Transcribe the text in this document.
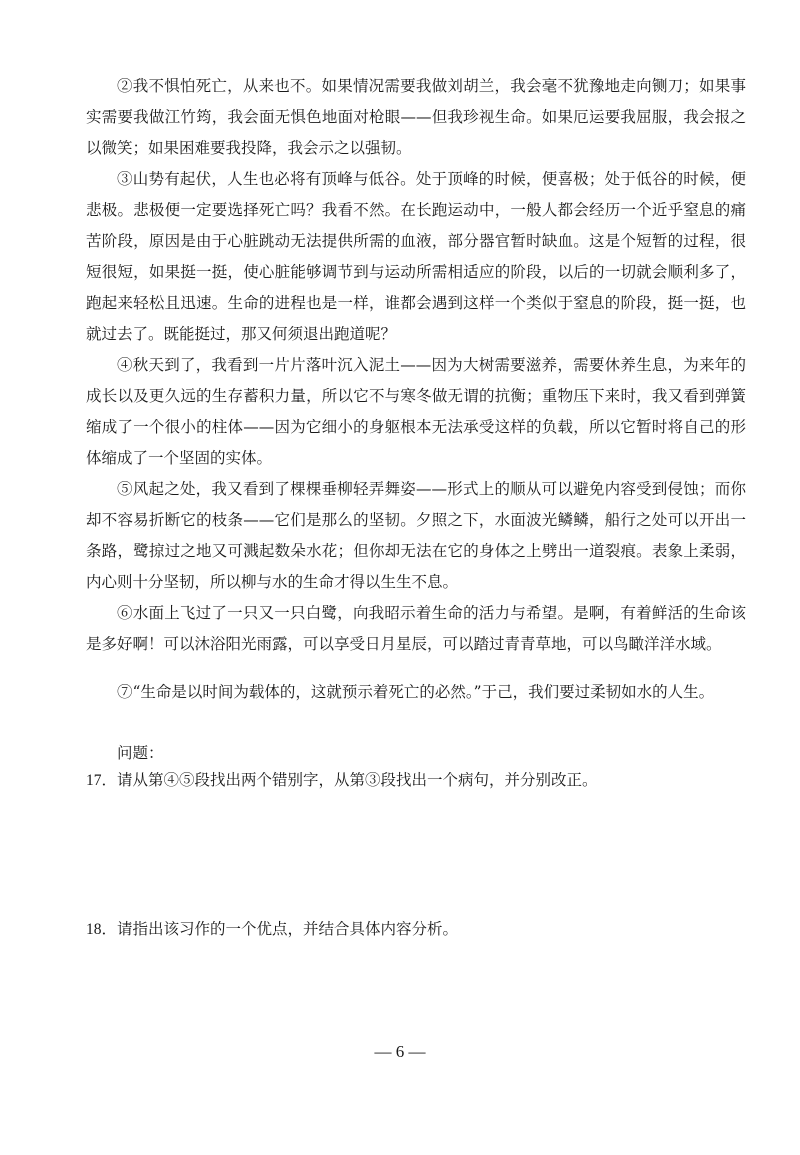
②我不惧怕死亡，从来也不。如果情况需要我做刘胡兰，我会毫不犹豫地走向铡刀；如果事实需要我做江竹筠，我会面无惧色地面对枪眼——但我珍视生命。如果厄运要我屈服，我会报之以微笑；如果困难要我投降，我会示之以强韧。

③山势有起伏，人生也必将有顶峰与低谷。处于顶峰的时候，便喜极；处于低谷的时候，便悲极。悲极便一定要选择死亡吗？我看不然。在长跑运动中，一般人都会经历一个近乎窒息的痛苦阶段，原因是由于心脏跳动无法提供所需的血液，部分器官暂时缺血。这是个短暂的过程，很短很短，如果挺一挺，使心脏能够调节到与运动所需相适应的阶段，以后的一切就会顺利多了，跑起来轻松且迅速。生命的进程也是一样，谁都会遇到这样一个类似于窒息的阶段，挺一挺，也就过去了。既能挺过，那又何须退出跑道呢？

④秋天到了，我看到一片片落叶沉入泥土——因为大树需要滋养，需要休养生息，为来年的成长以及更久远的生存蓄积力量，所以它不与寒冬做无谓的抗衡；重物压下来时，我又看到弹簧缩成了一个很小的柱体——因为它细小的身躯根本无法承受这样的负载，所以它暂时将自己的形体缩成了一个坚固的实体。

⑤风起之处，我又看到了棵棵垂柳轻弄舞姿——形式上的顺从可以避免内容受到侵蚀；而你却不容易折断它的枝条——它们是那么的坚韧。夕照之下，水面波光鳞鳞，船行之处可以开出一条路，鹭掠过之地又可溅起数朵水花；但你却无法在它的身体之上劈出一道裂痕。表象上柔弱，内心则十分坚韧，所以柳与水的生命才得以生生不息。

⑥水面上飞过了一只又一只白鹭，向我昭示着生命的活力与希望。是啊，有着鲜活的生命该是多好啊！可以沐浴阳光雨露，可以享受日月星辰，可以踏过青青草地，可以鸟瞰洋洋水域。

⑦“生命是以时间为载体的，这就预示着死亡的必然。”于己，我们要过柔韧如水的人生。

问题：
17．请从第④⑤段找出两个错别字，从第③段找出一个病句，并分别改正。
18．请指出该习作的一个优点，并结合具体内容分析。
— 6 —
